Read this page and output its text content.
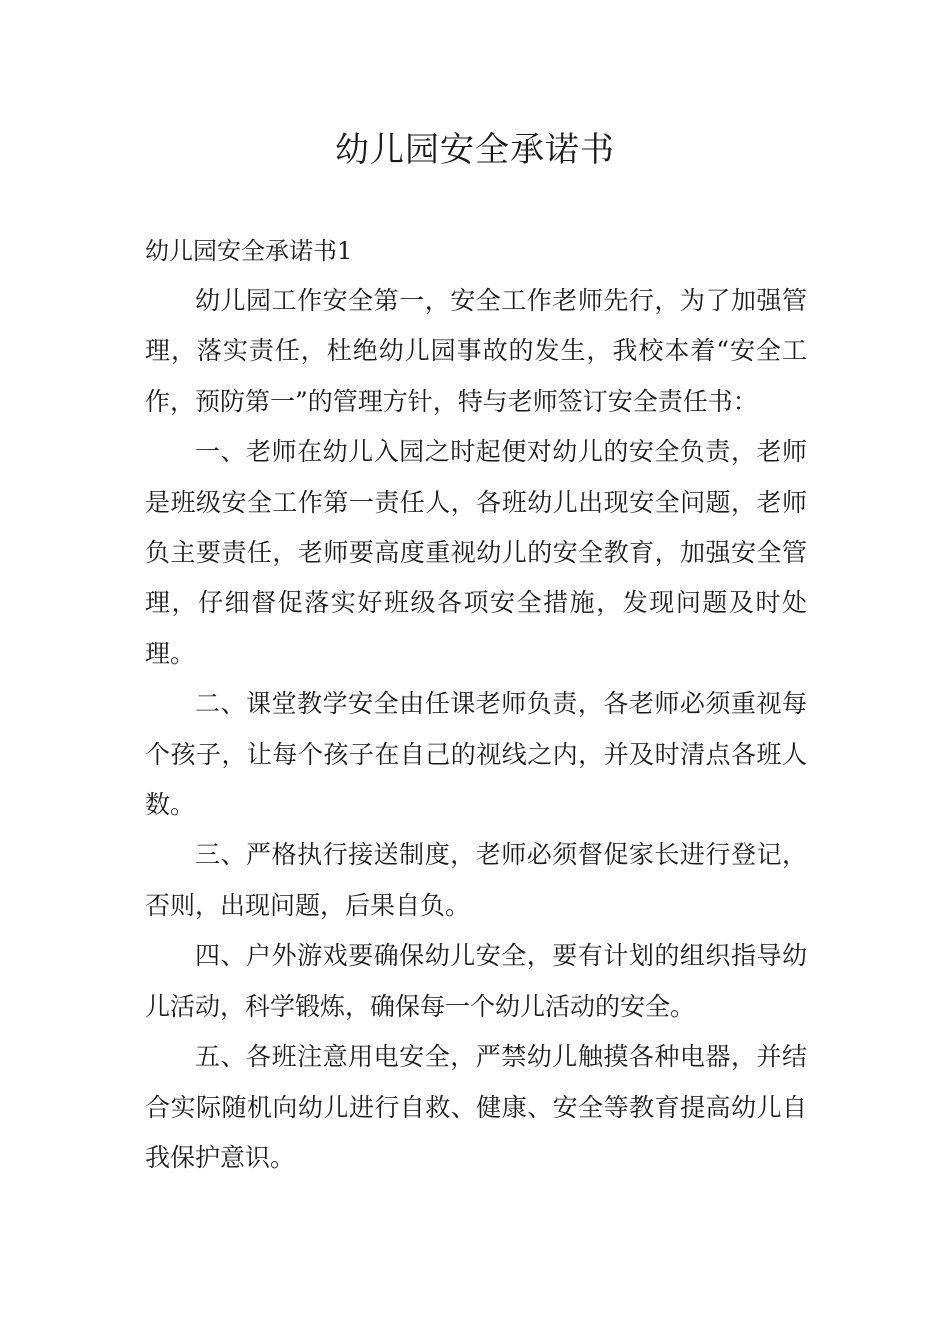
幼儿园安全承诺书

幼儿园安全承诺书1

幼儿园工作安全第一，安全工作老师先行，为了加强管理，落实责任，杜绝幼儿园事故的发生，我校本着“安全工作，预防第一”的管理方针，特与老师签订安全责任书：

一、老师在幼儿入园之时起便对幼儿的安全负责，老师是班级安全工作第一责任人，各班幼儿出现安全问题，老师负主要责任，老师要高度重视幼儿的安全教育，加强安全管理，仔细督促落实好班级各项安全措施，发现问题及时处理。

二、课堂教学安全由任课老师负责，各老师必须重视每个孩子，让每个孩子在自己的视线之内，并及时清点各班人数。

三、严格执行接送制度，老师必须督促家长进行登记，否则，出现问题，后果自负。

四、户外游戏要确保幼儿安全，要有计划的组织指导幼儿活动，科学锻炼，确保每一个幼儿活动的安全。

五、各班注意用电安全，严禁幼儿触摸各种电器，并结合实际随机向幼儿进行自救、健康、安全等教育提高幼儿自我保护意识。
